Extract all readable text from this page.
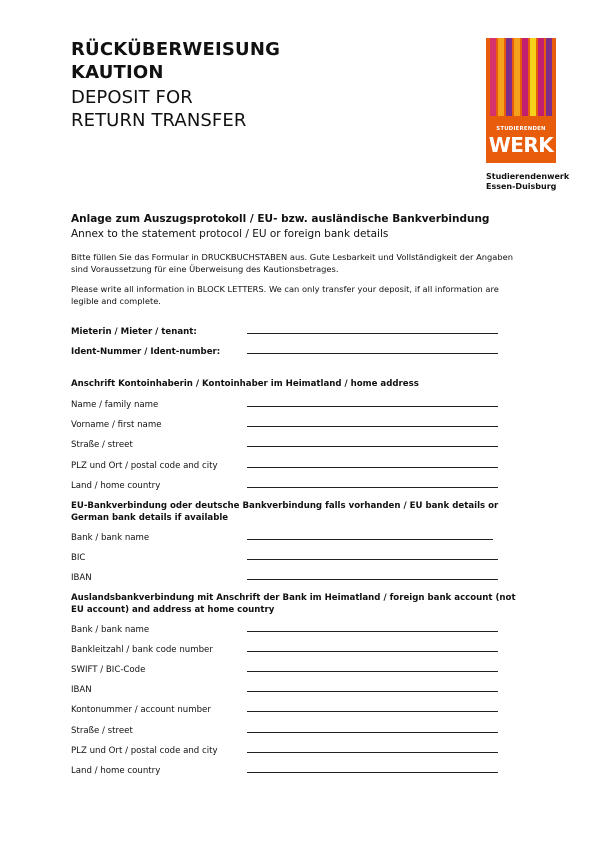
RÜCKÜBERWEISUNG
KAUTION
DEPOSIT FOR
RETURN TRANSFER	STUDIERENDEN
WERK
Studierendenwerk
Essen-Duisburg
Anlage zum Auszugsprotokoll / EU- bzw. ausländische Bankverbindung
Annex to the statement protocol / EU or foreign bank details
Bitte füllen Sie das Formular in DRUCKBUCHSTABEN aus. Gute Lesbarkeit und Vollständigkeit der Angaben sind Voraussetzung für eine Überweisung des Kautionsbetrages.
Please write all information in BLOCK LETTERS. We can only transfer your deposit, if all information are legible and complete.
Mieterin / Mieter / tenant:
Ident-Nummer / Ident-number:
Anschrift Kontoinhaberin / Kontoinhaber im Heimatland / home address
Name / family name
Vorname / first name
Straße / street
PLZ und Ort / postal code and city
Land / home country
EU-Bankverbindung oder deutsche Bankverbindung falls vorhanden / EU bank details or German bank details if available
Bank / bank name
BIC
IBAN
Auslandsbankverbindung mit Anschrift der Bank im Heimatland / foreign bank account (not EU account) and address at home country
Bank / bank name
Bankleitzahl / bank code number
SWIFT / BIC-Code
IBAN
Kontonummer / account number
Straße / street
PLZ und Ort / postal code and city
Land / home country
